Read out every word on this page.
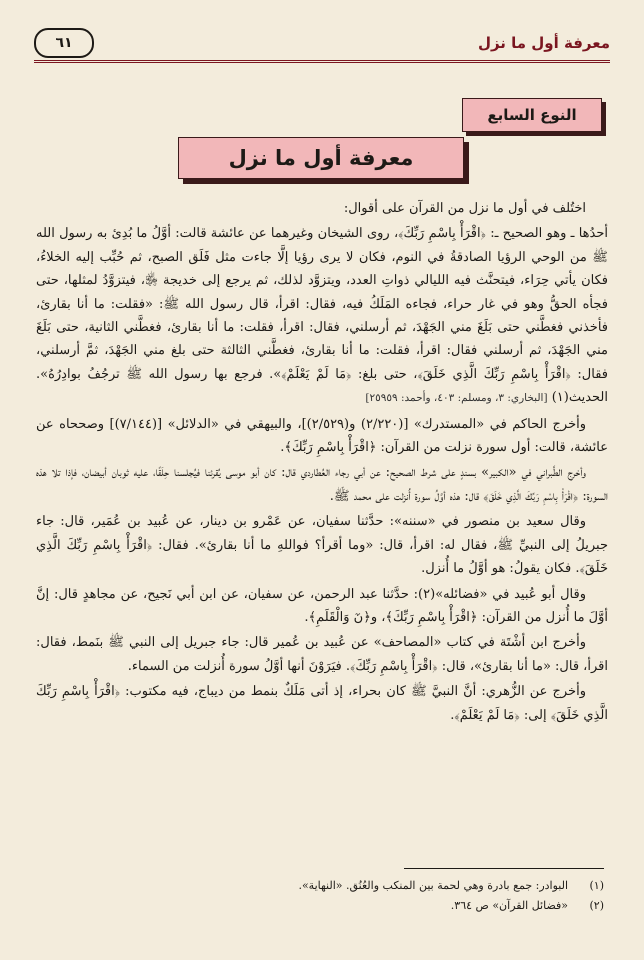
معرفة أول ما نزل
٦١
النوع السابع
معرفة أول ما نزل

اختُلف في أول ما نزل من القرآن على أقوال:

أحدُها ـ وهو الصحيح ـ: ﴿اقْرَأْ بِاسْمِ رَبِّكَ﴾، روى الشيخان وغيرهما عن عائشة قالت: أوَّلُ ما بُدِئ به رسول الله ﷺ من الوحي الرؤيا الصادقةُ في النوم، فكان لا يرى رؤيا إلَّا جاءت مثل فَلَق الصبح، ثم حُبِّب إليه الخلاءُ، فكان يأتي حِرَاء، فيتحنَّث فيه الليالي ذواتِ العدد، ويتزوَّد لذلك، ثم يرجع إلى خديجة ﵂، فيتزوَّدُ لمثلها، حتى فجأه الحقُّ وهو في غار حراء، فجاءه المَلَكُ فيه، فقال: اقرأ، قال رسول الله ﷺ: «فقلت: ما أنا بقارئ، فأخذني فغطَّني حتى بَلَغَ مني الجَهْدَ، ثم أرسلني، فقال: اقرأ، فقلت: ما أنا بقارئ، فغطَّني الثانية، حتى بَلَغَ مني الجَهْدَ، ثم أرسلني فقال: اقرأ، فقلت: ما أنا بقارئ، فغطَّني الثالثة حتى بلغ مني الجَهْدَ، ثمَّ أرسلني، فقال: ﴿اقْرَأْ بِاسْمِ رَبِّكَ الَّذِي خَلَقَ﴾، حتى بلغ: ﴿مَا لَمْ يَعْلَمْ﴾». فرجع بها رسول الله ﷺ ترجُفُ بوادِرُهُ». الحديث(١) [البخاري: ٣، ومسلم: ٤٠٣، وأحمد: ٢٥٩٥٩]

وأخرج الحاكم في «المستدرك» [(٢/٢٢٠) و(٢/٥٢٩)]، والبيهقي في «الدلائل» [(٧/١٤٤)] وصححاه عن عائشة، قالت: أول سورة نزلت من القرآن: ﴿اقْرَأْ بِاسْمِ رَبِّكَ﴾.

وأخرج الطَّبراني في «الكبير» بسندٍ على شرط الصحيح: عن أبي رجاء العُطاردي قال: كان أبو موسى يُقرئنا فيُجلسنا حِلَقًا، عليه ثوبان أبيضان، فإذا تلا هذه السورة: ﴿اقْرَأْ بِاسْمِ رَبِّكَ الَّذِي خَلَقَ﴾ قال: هذه أوَّلُ سورة أُنزلت على محمد ﷺ.

وقال سعيد بن منصور في «سننه»: حدَّثنا سفيان، عن عَمْرو بن دينار، عن عُبيد بن عُمَير، قال: جاء جبريلُ إلى النبيِّ ﷺ، فقال له: اقرأ، قال: «وما أقرأ؟ فواللهِ ما أنا بقارئ». فقال: ﴿اقْرَأْ بِاسْمِ رَبِّكَ الَّذِي خَلَقَ﴾. فكان يقولُ: هو أوَّلُ ما أُنزل.

وقال أبو عُبيد في «فضائله»(٢): حدَّثنا عبد الرحمن، عن سفيان، عن ابن أبي نَجيح، عن مجاهدٍ قال: إنَّ أوَّلَ ما أُنزل من القرآن: ﴿اقْرَأْ بِاسْمِ رَبِّكَ﴾، و﴿نٓ وَالْقَلَمِ﴾.

وأخرج ابن أشْتَة في كتاب «المصاحف» عن عُبيد بن عُمير قال: جاء جبريل إلى النبي ﷺ بنَمط، فقال: اقرأ، قال: «ما أنا بقارئ»، قال: ﴿اقْرَأْ بِاسْمِ رَبِّكَ﴾. فيَرَوْنَ أنها أوَّلُ سورة أُنزلت من السماء.

وأخرج عن الزُّهري: أنَّ النبيَّ ﷺ كان بحراء، إذ أتى مَلَكٌ بنمط من ديباج، فيه مكتوب: ﴿اقْرَأْ بِاسْمِ رَبِّكَ الَّذِي خَلَقَ﴾ إلى: ﴿مَا لَمْ يَعْلَمْ﴾.

(١)
البوادر: جمع بادرة وهي لحمة بين المنكب والعُنُق. «النهاية».
(٢)
«فضائل القرآن» ص ٣٦٤.
